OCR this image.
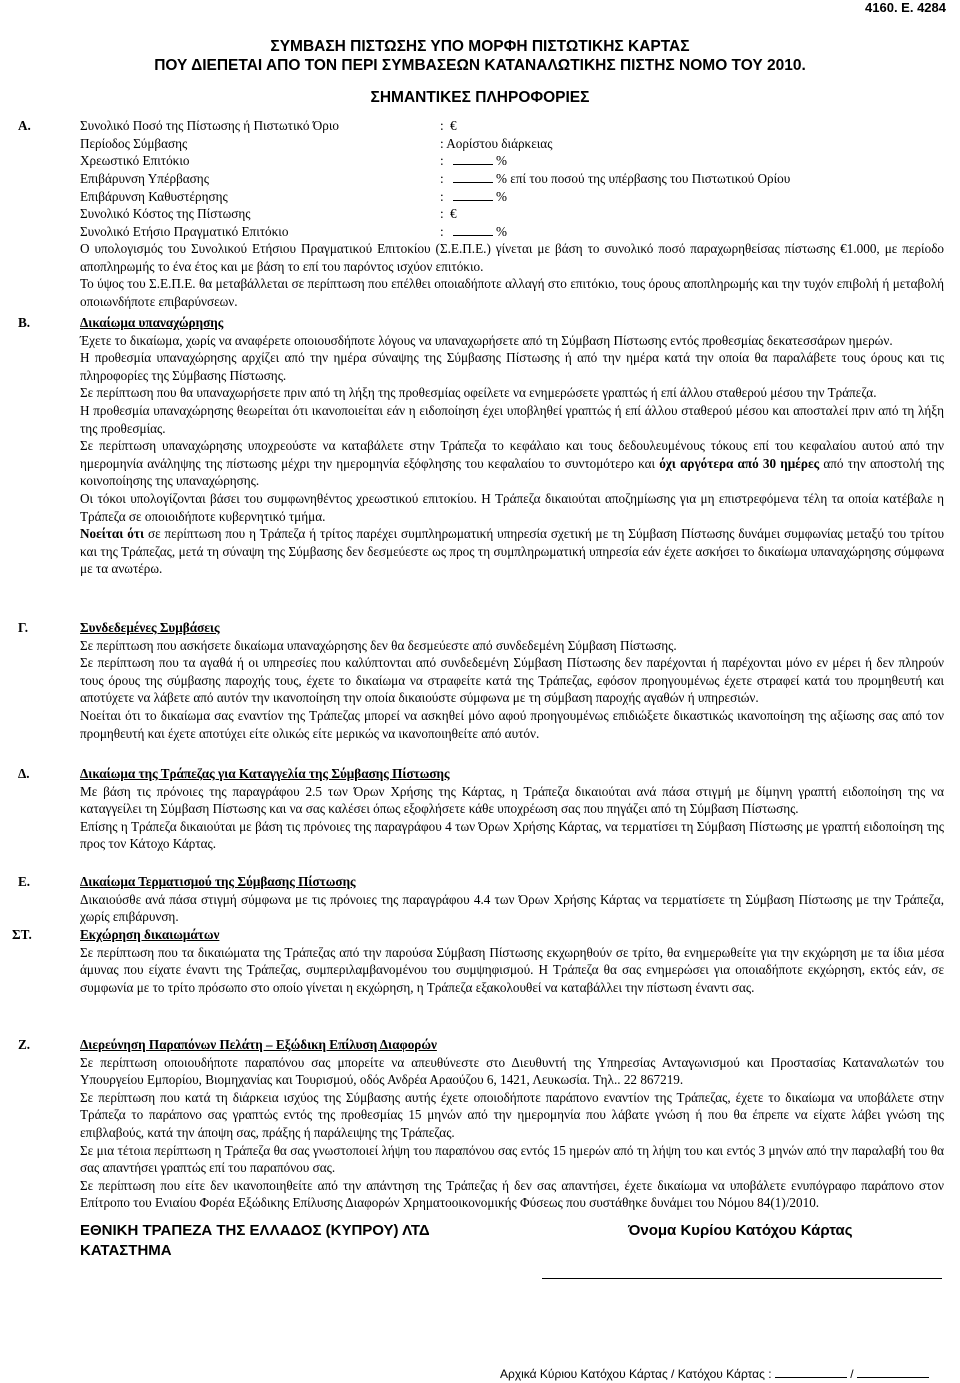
4160. Ε. 4284
ΣΥΜΒΑΣΗ ΠΙΣΤΩΣΗΣ ΥΠΟ ΜΟΡΦΗ ΠΙΣΤΩΤΙΚΗΣ ΚΑΡΤΑΣ
ΠΟΥ ΔΙΕΠΕΤΑΙ ΑΠΟ ΤΟΝ ΠΕΡΙ ΣΥΜΒΑΣΕΩΝ ΚΑΤΑΝΑΛΩΤΙΚΗΣ ΠΙΣΤΗΣ ΝΟΜΟ ΤΟΥ 2010.
ΣΗΜΑΝΤΙΚΕΣ ΠΛΗΡΟΦΟΡΙΕΣ
Α.	Συνολικό Ποσό της Πίστωσης ή Πιστωτικό Όριο	: €
Περίοδος Σύμβασης	: Αορίστου διάρκειας
Χρεωστικό Επιτόκιο	:	%
Επιβάρυνση Υπέρβασης	:	% επί του ποσού της υπέρβασης του Πιστωτικού Ορίου
Επιβάρυνση Καθυστέρησης	:	%
Συνολικό Κόστος της Πίστωσης	: €
Συνολικό Ετήσιο Πραγματικό Επιτόκιο	:	%

Ο υπολογισμός του Συνολικού Ετήσιου Πραγματικού Επιτοκίου (Σ.Ε.Π.Ε.) γίνεται με βάση το συνολικό ποσό παραχωρηθείσας πίστωσης €1.000, με περίοδο αποπληρωμής το ένα έτος και με βάση το επί του παρόντος ισχύον επιτόκιο.

Το ύψος του Σ.Ε.Π.Ε. θα μεταβάλλεται σε περίπτωση που επέλθει οποιαδήποτε αλλαγή στο επιτόκιο, τους όρους αποπληρωμής και την τυχόν επιβολή ή μεταβολή οποιωνδήποτε επιβαρύνσεων.

Β.	Δικαίωμα υπαναχώρησης

Έχετε το δικαίωμα, χωρίς να αναφέρετε οποιουσδήποτε λόγους να υπαναχωρήσετε από τη Σύμβαση Πίστωσης εντός προθεσμίας δεκατεσσάρων ημερών.

Η προθεσμία υπαναχώρησης αρχίζει από την ημέρα σύναψης της Σύμβασης Πίστωσης ή από την ημέρα κατά την οποία θα παραλάβετε τους όρους και τις πληροφορίες της Σύμβασης Πίστωσης.

Σε περίπτωση που θα υπαναχωρήσετε πριν από τη λήξη της προθεσμίας οφείλετε να ενημερώσετε γραπτώς ή επί άλλου σταθερού μέσου την Τράπεζα.

Η προθεσμία υπαναχώρησης θεωρείται ότι ικανοποιείται εάν η ειδοποίηση έχει υποβληθεί γραπτώς ή επί άλλου σταθερού μέσου και αποσταλεί πριν από τη λήξη της προθεσμίας.

Σε περίπτωση υπαναχώρησης υποχρεούστε να καταβάλετε στην Τράπεζα το κεφάλαιο και τους δεδουλευμένους τόκους επί του κεφαλαίου αυτού από την ημερομηνία ανάληψης της πίστωσης μέχρι την ημερομηνία εξόφλησης του κεφαλαίου το συντομότερο και όχι αργότερα από 30 ημέρες από την αποστολή της κοινοποίησης της υπαναχώρησης.

Οι τόκοι υπολογίζονται βάσει του συμφωνηθέντος χρεωστικού επιτοκίου. Η Τράπεζα δικαιούται αποζημίωσης για μη επιστρεφόμενα τέλη τα οποία κατέβαλε η Τράπεζα σε οποιοιδήποτε κυβερνητικό τμήμα.

Νοείται ότι σε περίπτωση που η Τράπεζα ή τρίτος παρέχει συμπληρωματική υπηρεσία σχετική με τη Σύμβαση Πίστωσης δυνάμει συμφωνίας μεταξύ του τρίτου και της Τράπεζας, μετά τη σύναψη της Σύμβασης δεν δεσμεύεστε ως προς τη συμπληρωματική υπηρεσία εάν έχετε ασκήσει το δικαίωμα υπαναχώρησης σύμφωνα με τα ανωτέρω.

Γ.	Συνδεδεμένες Συμβάσεις

Σε περίπτωση που ασκήσετε δικαίωμα υπαναχώρησης δεν θα δεσμεύεστε από συνδεδεμένη Σύμβαση Πίστωσης.

Σε περίπτωση που τα αγαθά ή οι υπηρεσίες που καλύπτονται από συνδεδεμένη Σύμβαση Πίστωσης δεν παρέχονται ή παρέχονται μόνο εν μέρει ή δεν πληρούν τους όρους της σύμβασης παροχής τους, έχετε το δικαίωμα να στραφείτε κατά της Τράπεζας, εφόσον προηγουμένως έχετε στραφεί κατά του προμηθευτή και αποτύχετε να λάβετε από αυτόν την ικανοποίηση την οποία δικαιούστε σύμφωνα με τη σύμβαση παροχής αγαθών ή υπηρεσιών.

Νοείται ότι το δικαίωμα σας εναντίον της Τράπεζας μπορεί να ασκηθεί μόνο αφού προηγουμένως επιδιώξετε δικαστικώς ικανοποίηση της αξίωσης σας από τον προμηθευτή και έχετε αποτύχει είτε ολικώς είτε μερικώς να ικανοποιηθείτε από αυτόν.

Δ.	Δικαίωμα της Τράπεζας για Καταγγελία της Σύμβασης Πίστωσης

Με βάση τις πρόνοιες της παραγράφου 2.5 των Όρων Χρήσης της Κάρτας, η Τράπεζα δικαιούται ανά πάσα στιγμή με δίμηνη γραπτή ειδοποίηση της να καταγγείλει τη Σύμβαση Πίστωσης και να σας καλέσει όπως εξοφλήσετε κάθε υποχρέωση σας που πηγάζει από τη Σύμβαση Πίστωσης.

Επίσης η Τράπεζα δικαιούται με βάση τις πρόνοιες της παραγράφου 4 των Όρων Χρήσης Κάρτας, να τερματίσει τη Σύμβαση Πίστωσης με γραπτή ειδοποίηση της προς τον Κάτοχο Κάρτας.

Ε.	Δικαίωμα Τερματισμού της Σύμβασης Πίστωσης

Δικαιούσθε ανά πάσα στιγμή σύμφωνα με τις πρόνοιες της παραγράφου 4.4 των Όρων Χρήσης Κάρτας να τερματίσετε τη Σύμβαση Πίστωσης με την Τράπεζα, χωρίς επιβάρυνση.

ΣΤ.	Εκχώρηση δικαιωμάτων

Σε περίπτωση που τα δικαιώματα της Τράπεζας από την παρούσα Σύμβαση Πίστωσης εκχωρηθούν σε τρίτο, θα ενημερωθείτε για την εκχώρηση με τα ίδια μέσα άμυνας που είχατε έναντι της Τράπεζας, συμπεριλαμβανομένου του συμψηφισμού. Η Τράπεζα θα σας ενημερώσει για οποιαδήποτε εκχώρηση, εκτός εάν, σε συμφωνία με το τρίτο πρόσωπο στο οποίο γίνεται η εκχώρηση, η Τράπεζα εξακολουθεί να καταβάλλει την πίστωση έναντι σας.

Ζ.	Διερεύνηση Παραπόνων Πελάτη – Εξώδικη Επίλυση Διαφορών

Σε περίπτωση οποιουδήποτε παραπόνου σας μπορείτε να απευθύνεστε στο Διευθυντή της Υπηρεσίας Ανταγωνισμού και Προστασίας Καταναλωτών του Υπουργείου Εμπορίου, Βιομηχανίας και Τουρισμού, οδός Ανδρέα Αραούζου 6, 1421, Λευκωσία. Τηλ.. 22 867219.

Σε περίπτωση που κατά τη διάρκεια ισχύος της Σύμβασης αυτής έχετε οποιοδήποτε παράπονο εναντίον της Τράπεζας, έχετε το δικαίωμα να υποβάλετε στην Τράπεζα το παράπονο σας γραπτώς εντός της προθεσμίας 15 μηνών από την ημερομηνία που λάβατε γνώση ή που θα έπρεπε να είχατε λάβει γνώση της επιβλαβούς, κατά την άποψη σας, πράξης ή παράλειψης της Τράπεζας.

Σε μια τέτοια περίπτωση η Τράπεζα θα σας γνωστοποιεί λήψη του παραπόνου σας εντός 15 ημερών από τη λήψη του και εντός 3 μηνών από την παραλαβή του θα σας απαντήσει γραπτώς επί του παραπόνου σας.

Σε περίπτωση που είτε δεν ικανοποιηθείτε από την απάντηση της Τράπεζας ή δεν σας απαντήσει, έχετε δικαίωμα να υποβάλετε ενυπόγραφο παράπονο στον Επίτροπο του Ενιαίου Φορέα Εξώδικης Επίλυσης Διαφορών Χρηματοοικονομικής Φύσεως που συστάθηκε δυνάμει του Νόμου 84(1)/2010.

ΕΘΝΙΚΗ ΤΡΑΠΕΖΑ ΤΗΣ ΕΛΛΑΔΟΣ (ΚΥΠΡΟΥ) ΛΤΔ
ΚΑΤΑΣΤΗΜΑ
Όνομα Κυρίου Κατόχου Κάρτας
Αρχικά Κύριου Κατόχου Κάρτας / Κατόχου Κάρτας :	/
